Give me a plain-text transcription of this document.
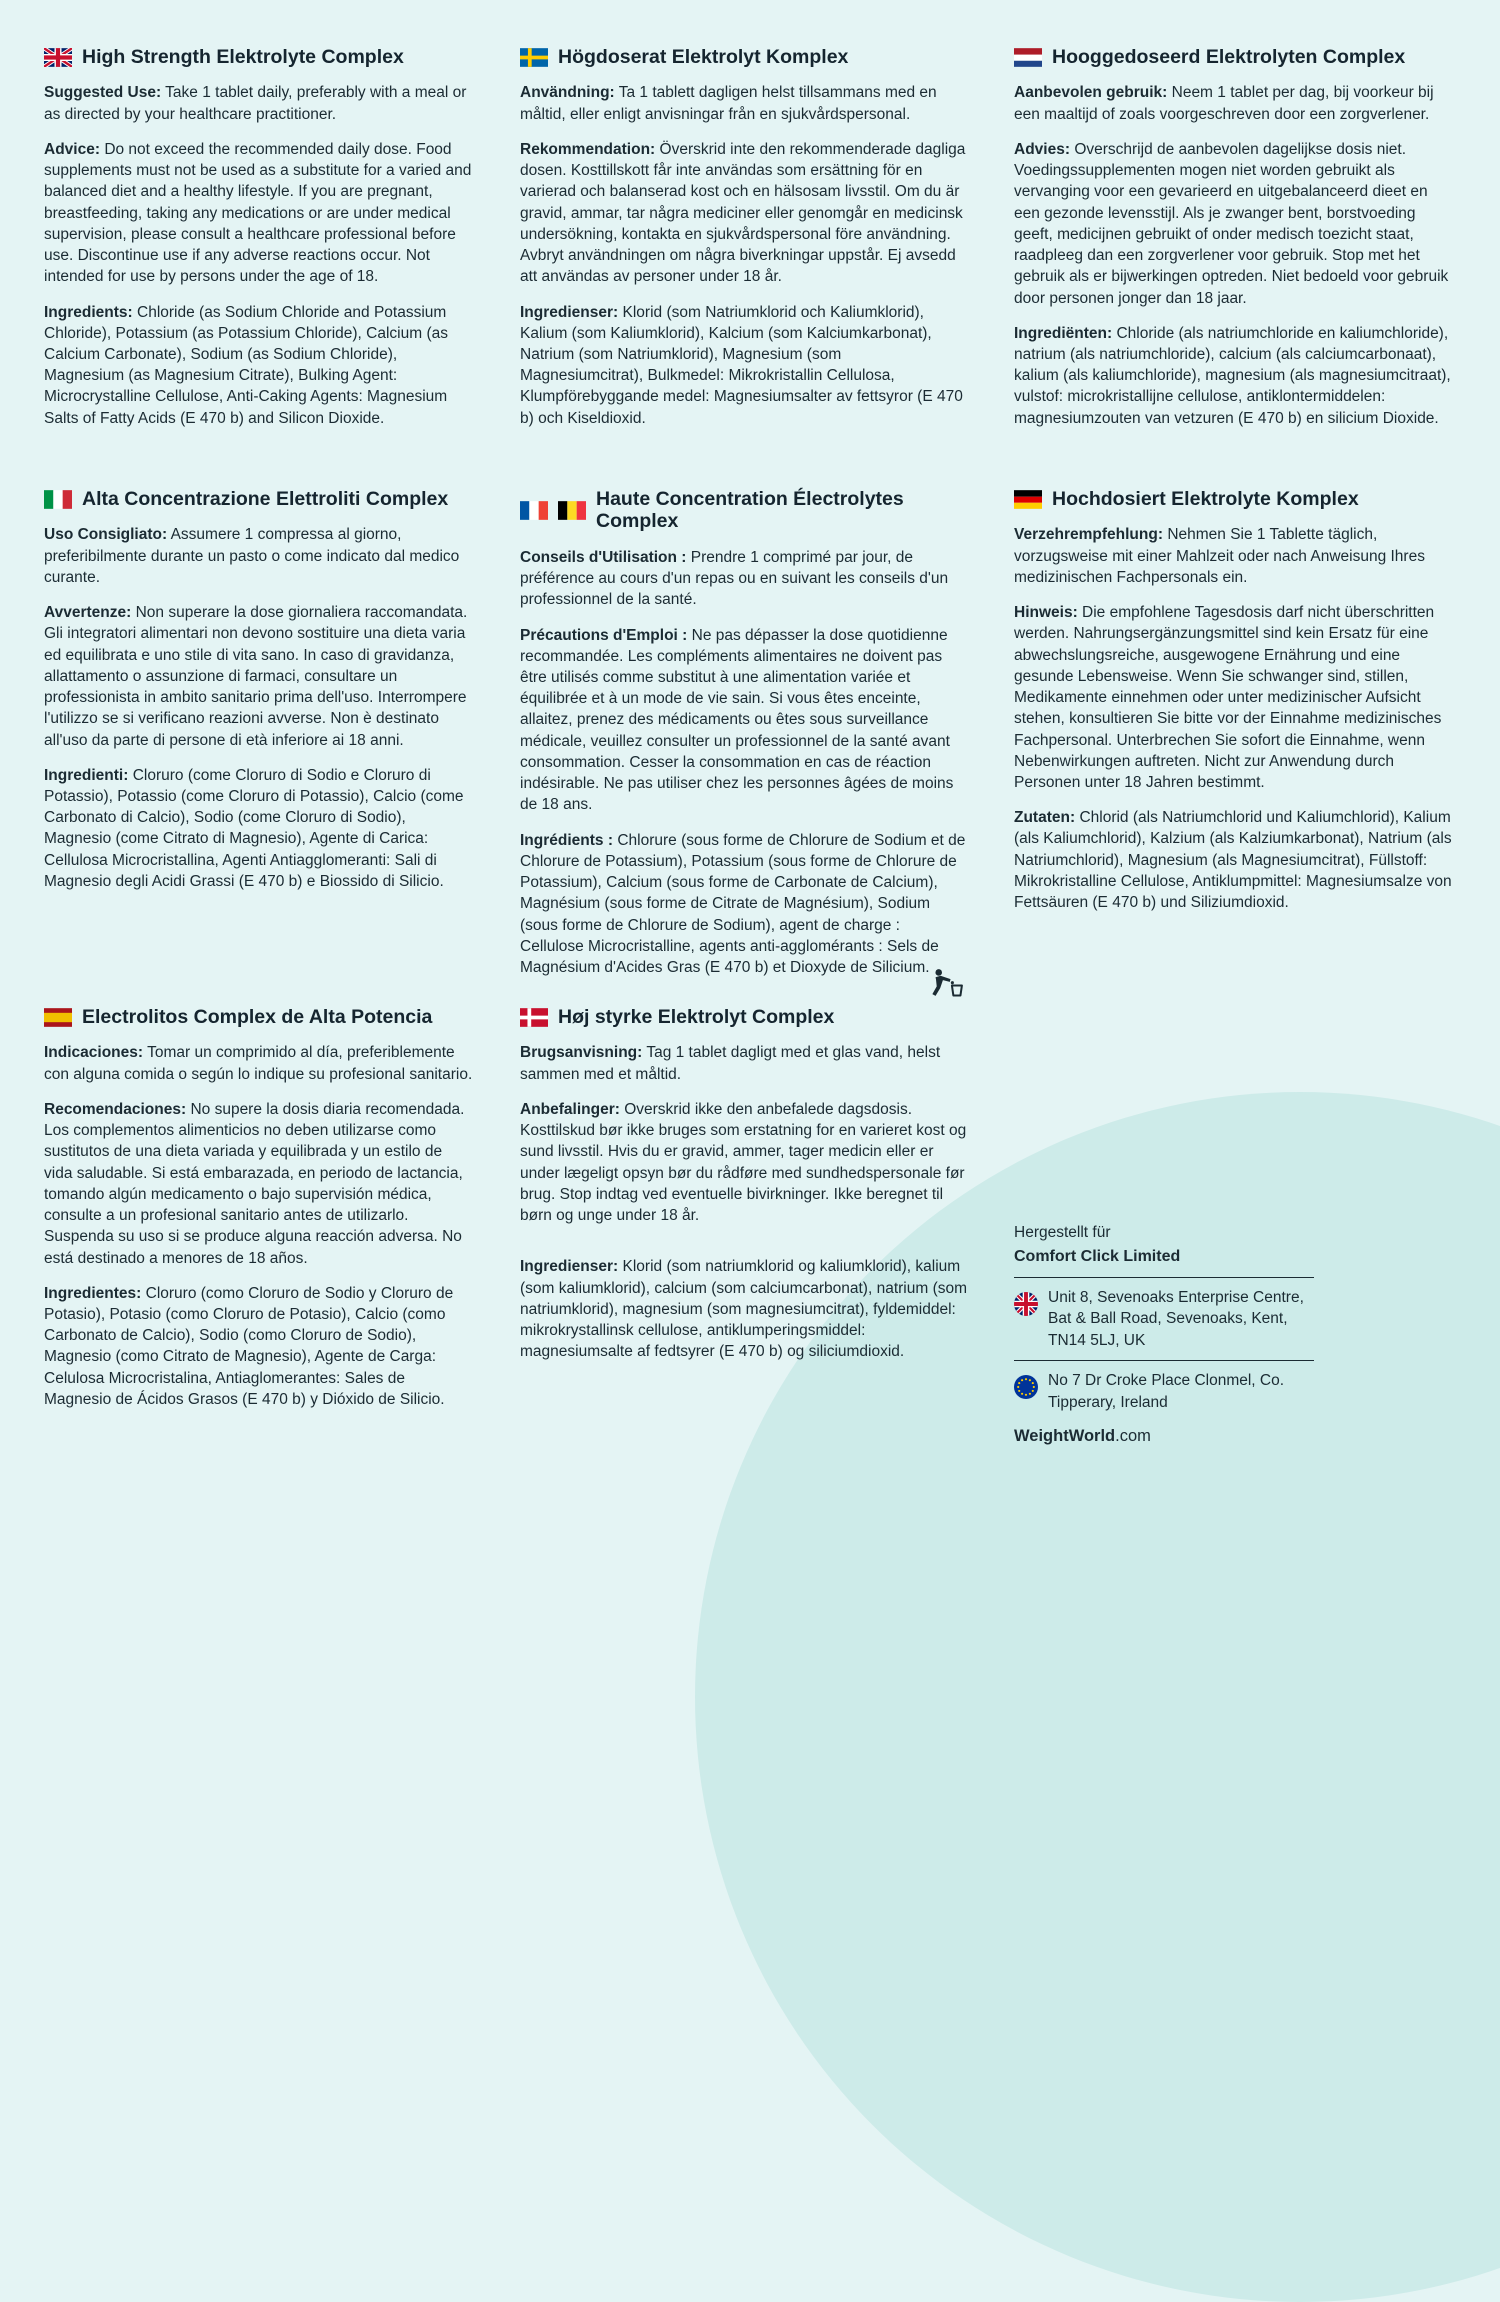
High Strength Elektrolyte Complex

Suggested Use: Take 1 tablet daily, preferably with a meal or as directed by your healthcare practitioner.

Advice: Do not exceed the recommended daily dose. Food supplements must not be used as a substitute for a varied and balanced diet and a healthy lifestyle. If you are pregnant, breastfeeding, taking any medications or are under medical supervision, please consult a healthcare professional before use. Discontinue use if any adverse reactions occur. Not intended for use by persons under the age of 18.

Ingredients: Chloride (as Sodium Chloride and Potassium Chloride), Potassium (as Potassium Chloride), Calcium (as Calcium Carbonate), Sodium (as Sodium Chloride), Magnesium (as Magnesium Citrate), Bulking Agent: Microcrystalline Cellulose, Anti-Caking Agents: Magnesium Salts of Fatty Acids (E 470 b) and Silicon Dioxide.

Högdoserat Elektrolyt Komplex

Användning: Ta 1 tablett dagligen helst tillsammans med en måltid, eller enligt anvisningar från en sjukvårdspersonal.

Rekommendation: Överskrid inte den rekommenderade dagliga dosen. Kosttillskott får inte användas som ersättning för en varierad och balanserad kost och en hälsosam livsstil. Om du är gravid, ammar, tar några mediciner eller genomgår en medicinsk undersökning, kontakta en sjukvårdspersonal före användning. Avbryt användningen om några biverkningar uppstår. Ej avsedd att användas av personer under 18 år.

Ingredienser: Klorid (som Natriumklorid och Kaliumklorid), Kalium (som Kaliumklorid), Kalcium (som Kalciumkarbonat), Natrium (som Natriumklorid), Magnesium (som Magnesiumcitrat), Bulkmedel: Mikrokristallin Cellulosa, Klumpförebyggande medel: Magnesiumsalter av fettsyror (E 470 b) och Kiseldioxid.

Hooggedoseerd Elektrolyten Complex

Aanbevolen gebruik: Neem 1 tablet per dag, bij voorkeur bij een maaltijd of zoals voorgeschreven door een zorgverlener.

Advies: Overschrijd de aanbevolen dagelijkse dosis niet. Voedingssupplementen mogen niet worden gebruikt als vervanging voor een gevarieerd en uitgebalanceerd dieet en een gezonde levensstijl. Als je zwanger bent, borstvoeding geeft, medicijnen gebruikt of onder medisch toezicht staat, raadpleeg dan een zorgverlener voor gebruik. Stop met het gebruik als er bijwerkingen optreden. Niet bedoeld voor gebruik door personen jonger dan 18 jaar.

Ingrediënten: Chloride (als natriumchloride en kaliumchloride), natrium (als natriumchloride), calcium (als calciumcarbonaat), kalium (als kaliumchloride), magnesium (als magnesiumcitraat), vulstof: microkristallijne cellulose, antiklontermiddelen: magnesiumzouten van vetzuren (E 470 b) en silicium Dioxide.

Alta Concentrazione Elettroliti Complex

Uso Consigliato: Assumere 1 compressa al giorno, preferibilmente durante un pasto o come indicato dal medico curante.

Avvertenze: Non superare la dose giornaliera raccomandata. Gli integratori alimentari non devono sostituire una dieta varia ed equilibrata e uno stile di vita sano. In caso di gravidanza, allattamento o assunzione di farmaci, consultare un professionista in ambito sanitario prima dell'uso. Interrompere l'utilizzo se si verificano reazioni avverse. Non è destinato all'uso da parte di persone di età inferiore ai 18 anni.

Ingredienti: Cloruro (come Cloruro di Sodio e Cloruro di Potassio), Potassio (come Cloruro di Potassio), Calcio (come Carbonato di Calcio), Sodio (come Cloruro di Sodio), Magnesio (come Citrato di Magnesio), Agente di Carica: Cellulosa Microcristallina, Agenti Antiagglomeranti: Sali di Magnesio degli Acidi Grassi (E 470 b) e Biossido di Silicio.

Haute Concentration Électrolytes Complex

Conseils d'Utilisation : Prendre 1 comprimé par jour, de préférence au cours d'un repas ou en suivant les conseils d'un professionnel de la santé.

Précautions d'Emploi : Ne pas dépasser la dose quotidienne recommandée. Les compléments alimentaires ne doivent pas être utilisés comme substitut à une alimentation variée et équilibrée et à un mode de vie sain. Si vous êtes enceinte, allaitez, prenez des médicaments ou êtes sous surveillance médicale, veuillez consulter un professionnel de la santé avant consommation. Cesser la consommation en cas de réaction indésirable. Ne pas utiliser chez les personnes âgées de moins de 18 ans.

Ingrédients : Chlorure (sous forme de Chlorure de Sodium et de Chlorure de Potassium), Potassium (sous forme de Chlorure de Potassium), Calcium (sous forme de Carbonate de Calcium), Magnésium (sous forme de Citrate de Magnésium), Sodium (sous forme de Chlorure de Sodium), agent de charge : Cellulose Microcristalline, agents anti-agglomérants : Sels de Magnésium d'Acides Gras (E 470 b) et Dioxyde de Silicium.

Hochdosiert Elektrolyte Komplex

Verzehrempfehlung: Nehmen Sie 1 Tablette täglich, vorzugsweise mit einer Mahlzeit oder nach Anweisung Ihres medizinischen Fachpersonals ein.

Hinweis: Die empfohlene Tagesdosis darf nicht überschritten werden. Nahrungsergänzungsmittel sind kein Ersatz für eine abwechslungsreiche, ausgewogene Ernährung und eine gesunde Lebensweise. Wenn Sie schwanger sind, stillen, Medikamente einnehmen oder unter medizinischer Aufsicht stehen, konsultieren Sie bitte vor der Einnahme medizinisches Fachpersonal. Unterbrechen Sie sofort die Einnahme, wenn Nebenwirkungen auftreten. Nicht zur Anwendung durch Personen unter 18 Jahren bestimmt.

Zutaten: Chlorid (als Natriumchlorid und Kaliumchlorid), Kalium (als Kaliumchlorid), Kalzium (als Kalziumkarbonat), Natrium (als Natriumchlorid), Magnesium (als Magnesiumcitrat), Füllstoff: Mikrokristalline Cellulose, Antiklumpmittel: Magnesiumsalze von Fettsäuren (E 470 b) und Siliziumdioxid.

Electrolitos Complex de Alta Potencia

Indicaciones: Tomar un comprimido al día, preferiblemente con alguna comida o según lo indique su profesional sanitario.

Recomendaciones: No supere la dosis diaria recomendada. Los complementos alimenticios no deben utilizarse como sustitutos de una dieta variada y equilibrada y un estilo de vida saludable. Si está embarazada, en periodo de lactancia, tomando algún medicamento o bajo supervisión médica, consulte a un profesional sanitario antes de utilizarlo. Suspenda su uso si se produce alguna reacción adversa. No está destinado a menores de 18 años.

Ingredientes: Cloruro (como Cloruro de Sodio y Cloruro de Potasio), Potasio (como Cloruro de Potasio), Calcio (como Carbonato de Calcio), Sodio (como Cloruro de Sodio), Magnesio (como Citrato de Magnesio), Agente de Carga: Celulosa Microcristalina, Antiaglomerantes: Sales de Magnesio de Ácidos Grasos (E 470 b) y Dióxido de Silicio.

Høj styrke Elektrolyt Complex

Brugsanvisning: Tag 1 tablet dagligt med et glas vand, helst sammen med et måltid.

Anbefalinger: Overskrid ikke den anbefalede dagsdosis. Kosttilskud bør ikke bruges som erstatning for en varieret kost og sund livsstil. Hvis du er gravid, ammer, tager medicin eller er under lægeligt opsyn bør du rådføre med sundhedspersonale før brug. Stop indtag ved eventuelle bivirkninger. Ikke beregnet til børn og unge under 18 år.

Ingredienser: Klorid (som natriumklorid og kaliumklorid), kalium (som kaliumklorid), calcium (som calciumcarbonat), natrium (som natriumklorid), magnesium (som magnesiumcitrat), fyldemiddel: mikrokrystallinsk cellulose, antiklumperingsmiddel: magnesiumsalte af fedtsyrer (E 470 b) og siliciumdioxid.

Hergestellt für

Comfort Click Limited

Unit 8, Sevenoaks Enterprise Centre, Bat & Ball Road, Sevenoaks, Kent, TN14 5LJ, UK

No 7 Dr Croke Place Clonmel, Co. Tipperary, Ireland

WeightWorld.com
